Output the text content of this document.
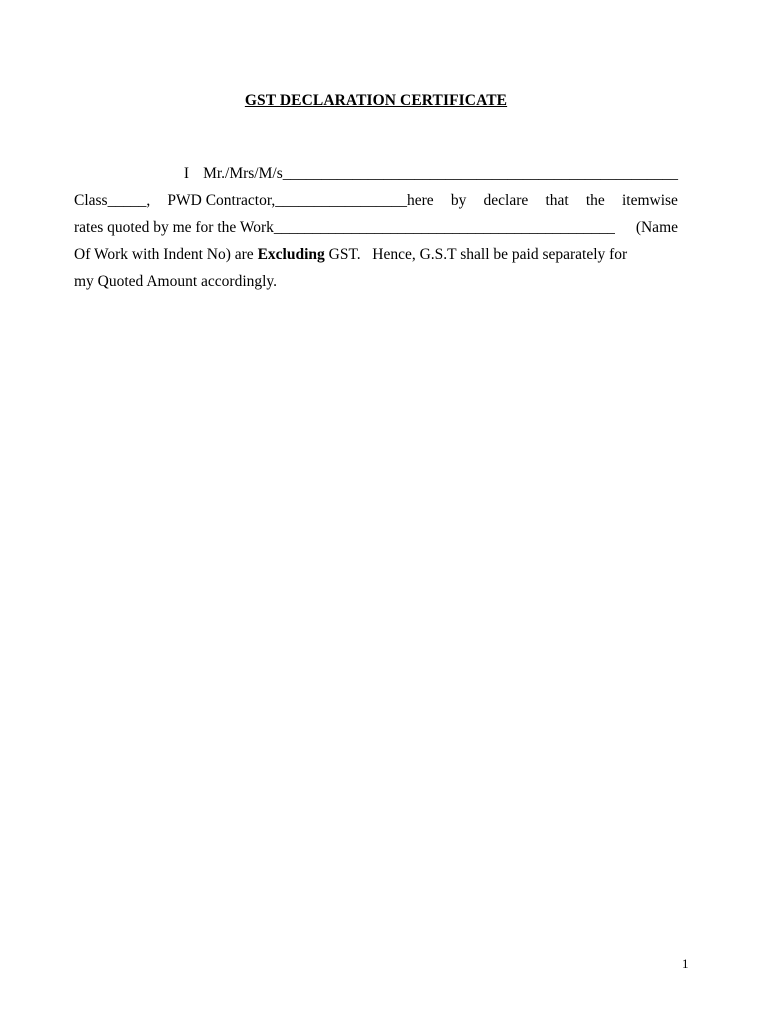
GST DECLARATION CERTIFICATE
I Mr./Mrs/M/s ___________________________________________________
Class_____, PWD Contractor,_________________here by declare that the itemwise
rates quoted by me for the Work____________________________________________ (Name
Of Work with Indent No) are Excluding GST.   Hence, G.S.T shall be paid separately for
my Quoted Amount accordingly.
1
